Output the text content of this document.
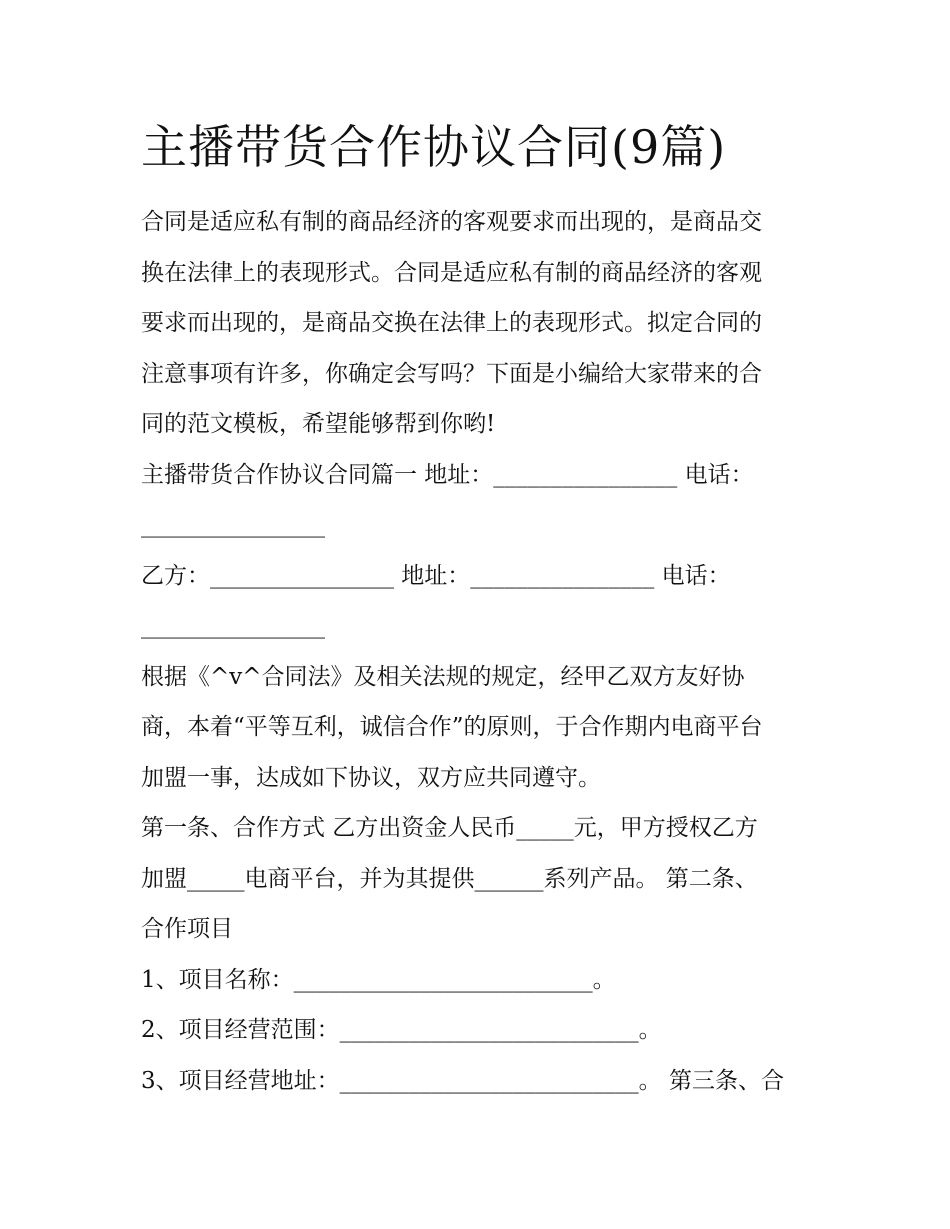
主播带货合作协议合同(9篇)

合同是适应私有制的商品经济的客观要求而出现的，是商品交
换在法律上的表现形式。合同是适应私有制的商品经济的客观
要求而出现的，是商品交换在法律上的表现形式。拟定合同的
注意事项有许多，你确定会写吗？下面是小编给大家带来的合
同的范文模板，希望能够帮到你哟!

主播带货合作协议合同篇一 地址：________________ 电话：
________________

乙方：________________ 地址：________________ 电话：
________________

根据《^v^合同法》及相关法规的规定，经甲乙双方友好协
商，本着“平等互利，诚信合作”的原则，于合作期内电商平台
加盟一事，达成如下协议，双方应共同遵守。

第一条、合作方式 乙方出资金人民币_____元，甲方授权乙方
加盟_____电商平台，并为其提供______系列产品。 第二条、
合作项目

1、项目名称：__________________________。

2、项目经营范围：__________________________。

3、项目经营地址：__________________________。 第三条、合
